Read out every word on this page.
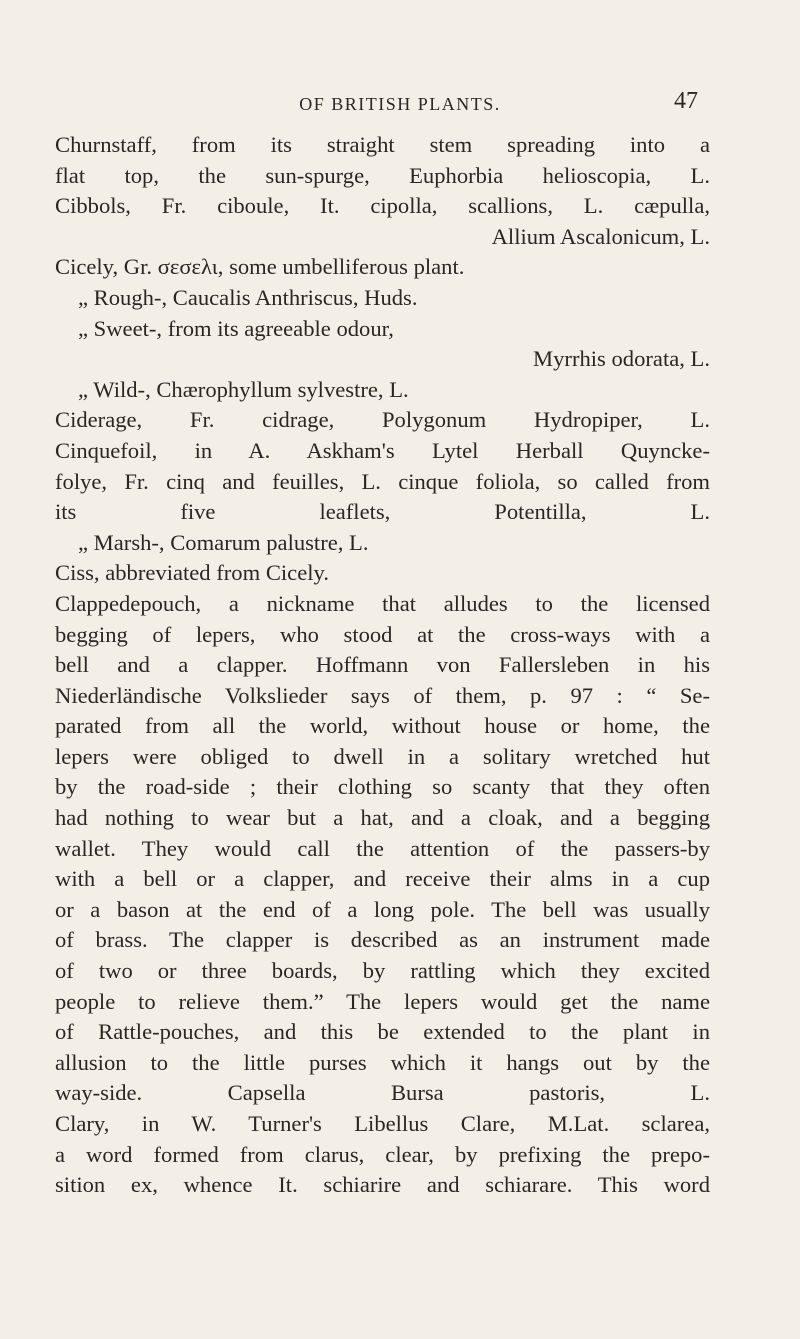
OF BRITISH PLANTS.	47
Churnstaff, from its straight stem spreading into a
flat top, the sun-spurge, Euphorbia helioscopia, L.
Cibbols, Fr. ciboule, It. cipolla, scallions, L. cæpulla,
Allium Ascalonicum, L.
Cicely, Gr. σεσελι, some umbelliferous plant.
„ Rough-, Caucalis Anthriscus, Huds.
„ Sweet-, from its agreeable odour,
Myrrhis odorata, L.
„ Wild-, Chærophyllum sylvestre, L.
Ciderage, Fr. cidrage, Polygonum Hydropiper, L.
Cinquefoil, in A. Askham's Lytel Herball Quyncke-
folye, Fr. cinq and feuilles, L. cinque foliola, so called from
its five leaflets, Potentilla, L.
„ Marsh-, Comarum palustre, L.
Ciss, abbreviated from Cicely.
Clappedepouch, a nickname that alludes to the licensed
begging of lepers, who stood at the cross-ways with a
bell and a clapper. Hoffmann von Fallersleben in his
Niederländische Volkslieder says of them, p. 97 : “ Se-
parated from all the world, without house or home, the
lepers were obliged to dwell in a solitary wretched hut
by the road-side ; their clothing so scanty that they often
had nothing to wear but a hat, and a cloak, and a begging
wallet. They would call the attention of the passers-by
with a bell or a clapper, and receive their alms in a cup
or a bason at the end of a long pole. The bell was usually
of brass. The clapper is described as an instrument made
of two or three boards, by rattling which they excited
people to relieve them.” The lepers would get the name
of Rattle-pouches, and this be extended to the plant in
allusion to the little purses which it hangs out by the
way-side. Capsella Bursa pastoris, L.
Clary, in W. Turner's Libellus Clare, M.Lat. sclarea,
a word formed from clarus, clear, by prefixing the prepo-
sition ex, whence It. schiarire and schiarare. This word
